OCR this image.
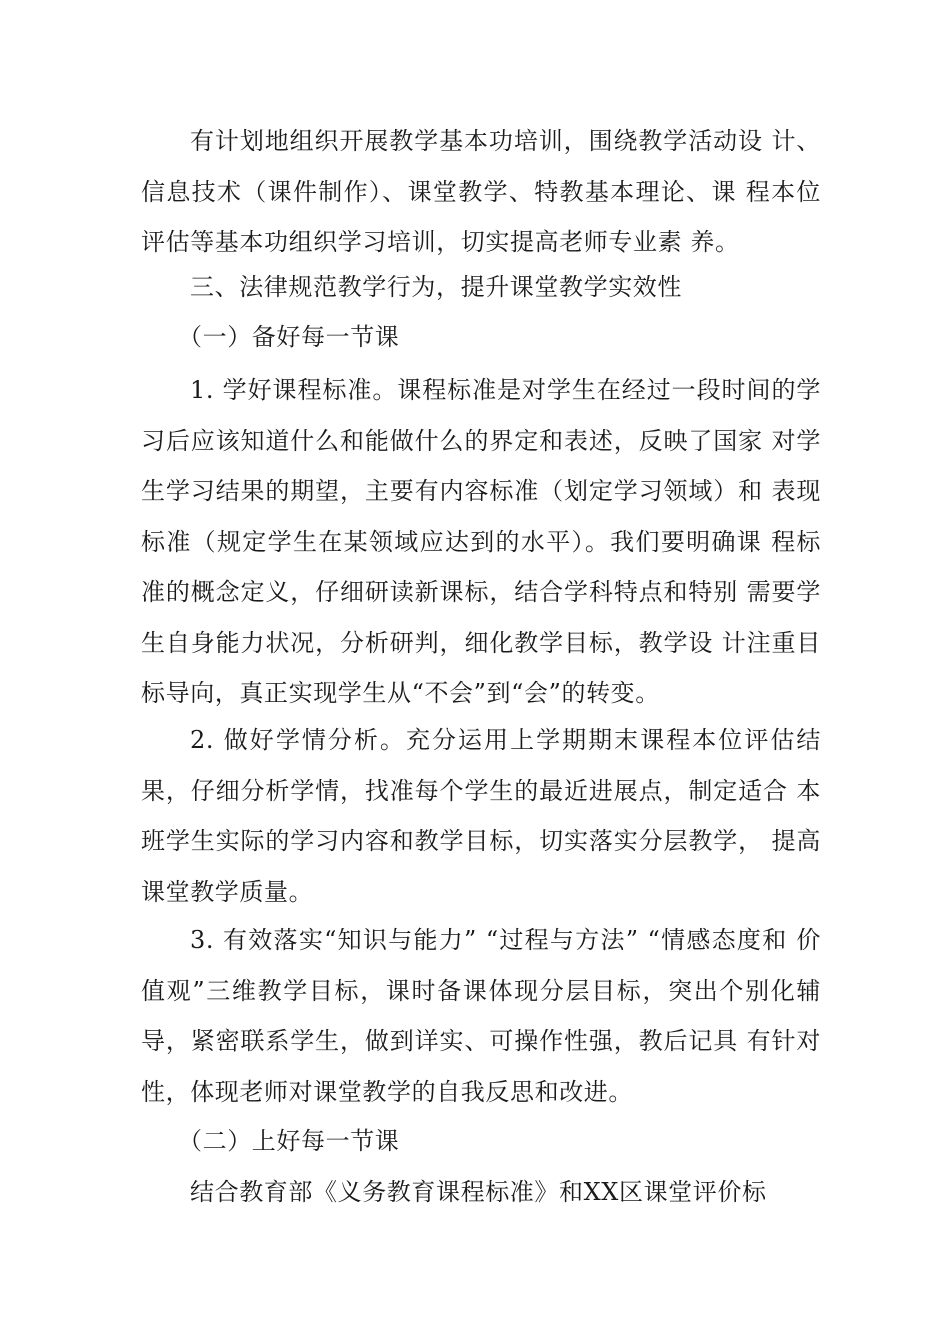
有计划地组织开展教学基本功培训，围绕教学活动设 计、信息技术（课件制作）、课堂教学、特教基本理论、课 程本位评估等基本功组织学习培训，切实提高老师专业素 养。

三、法律规范教学行为，提升课堂教学实效性
（一）备好每一节课

1. 学好课程标准。课程标准是对学生在经过一段时间的学习后应该知道什么和能做什么的界定和表述，反映了国家 对学生学习结果的期望，主要有内容标准（划定学习领域）和 表现标准（规定学生在某领域应达到的水平）。我们要明确课 程标准的概念定义，仔细研读新课标，结合学科特点和特别 需要学生自身能力状况，分析研判，细化教学目标，教学设 计注重目标导向，真正实现学生从“不会”到“会”的转变。

2. 做好学情分析。充分运用上学期期末课程本位评估结果，仔细分析学情，找准每个学生的最近进展点，制定适合 本班学生实际的学习内容和教学目标，切实落实分层教学， 提高课堂教学质量。

3. 有效落实“知识与能力” “过程与方法” “情感态度和 价值观”三维教学目标，课时备课体现分层目标，突出个别化辅导，紧密联系学生，做到详实、可操作性强，教后记具 有针对性，体现老师对课堂教学的自我反思和改进。

（二）上好每一节课

结合教育部《义务教育课程标准》和XX区课堂评价标
